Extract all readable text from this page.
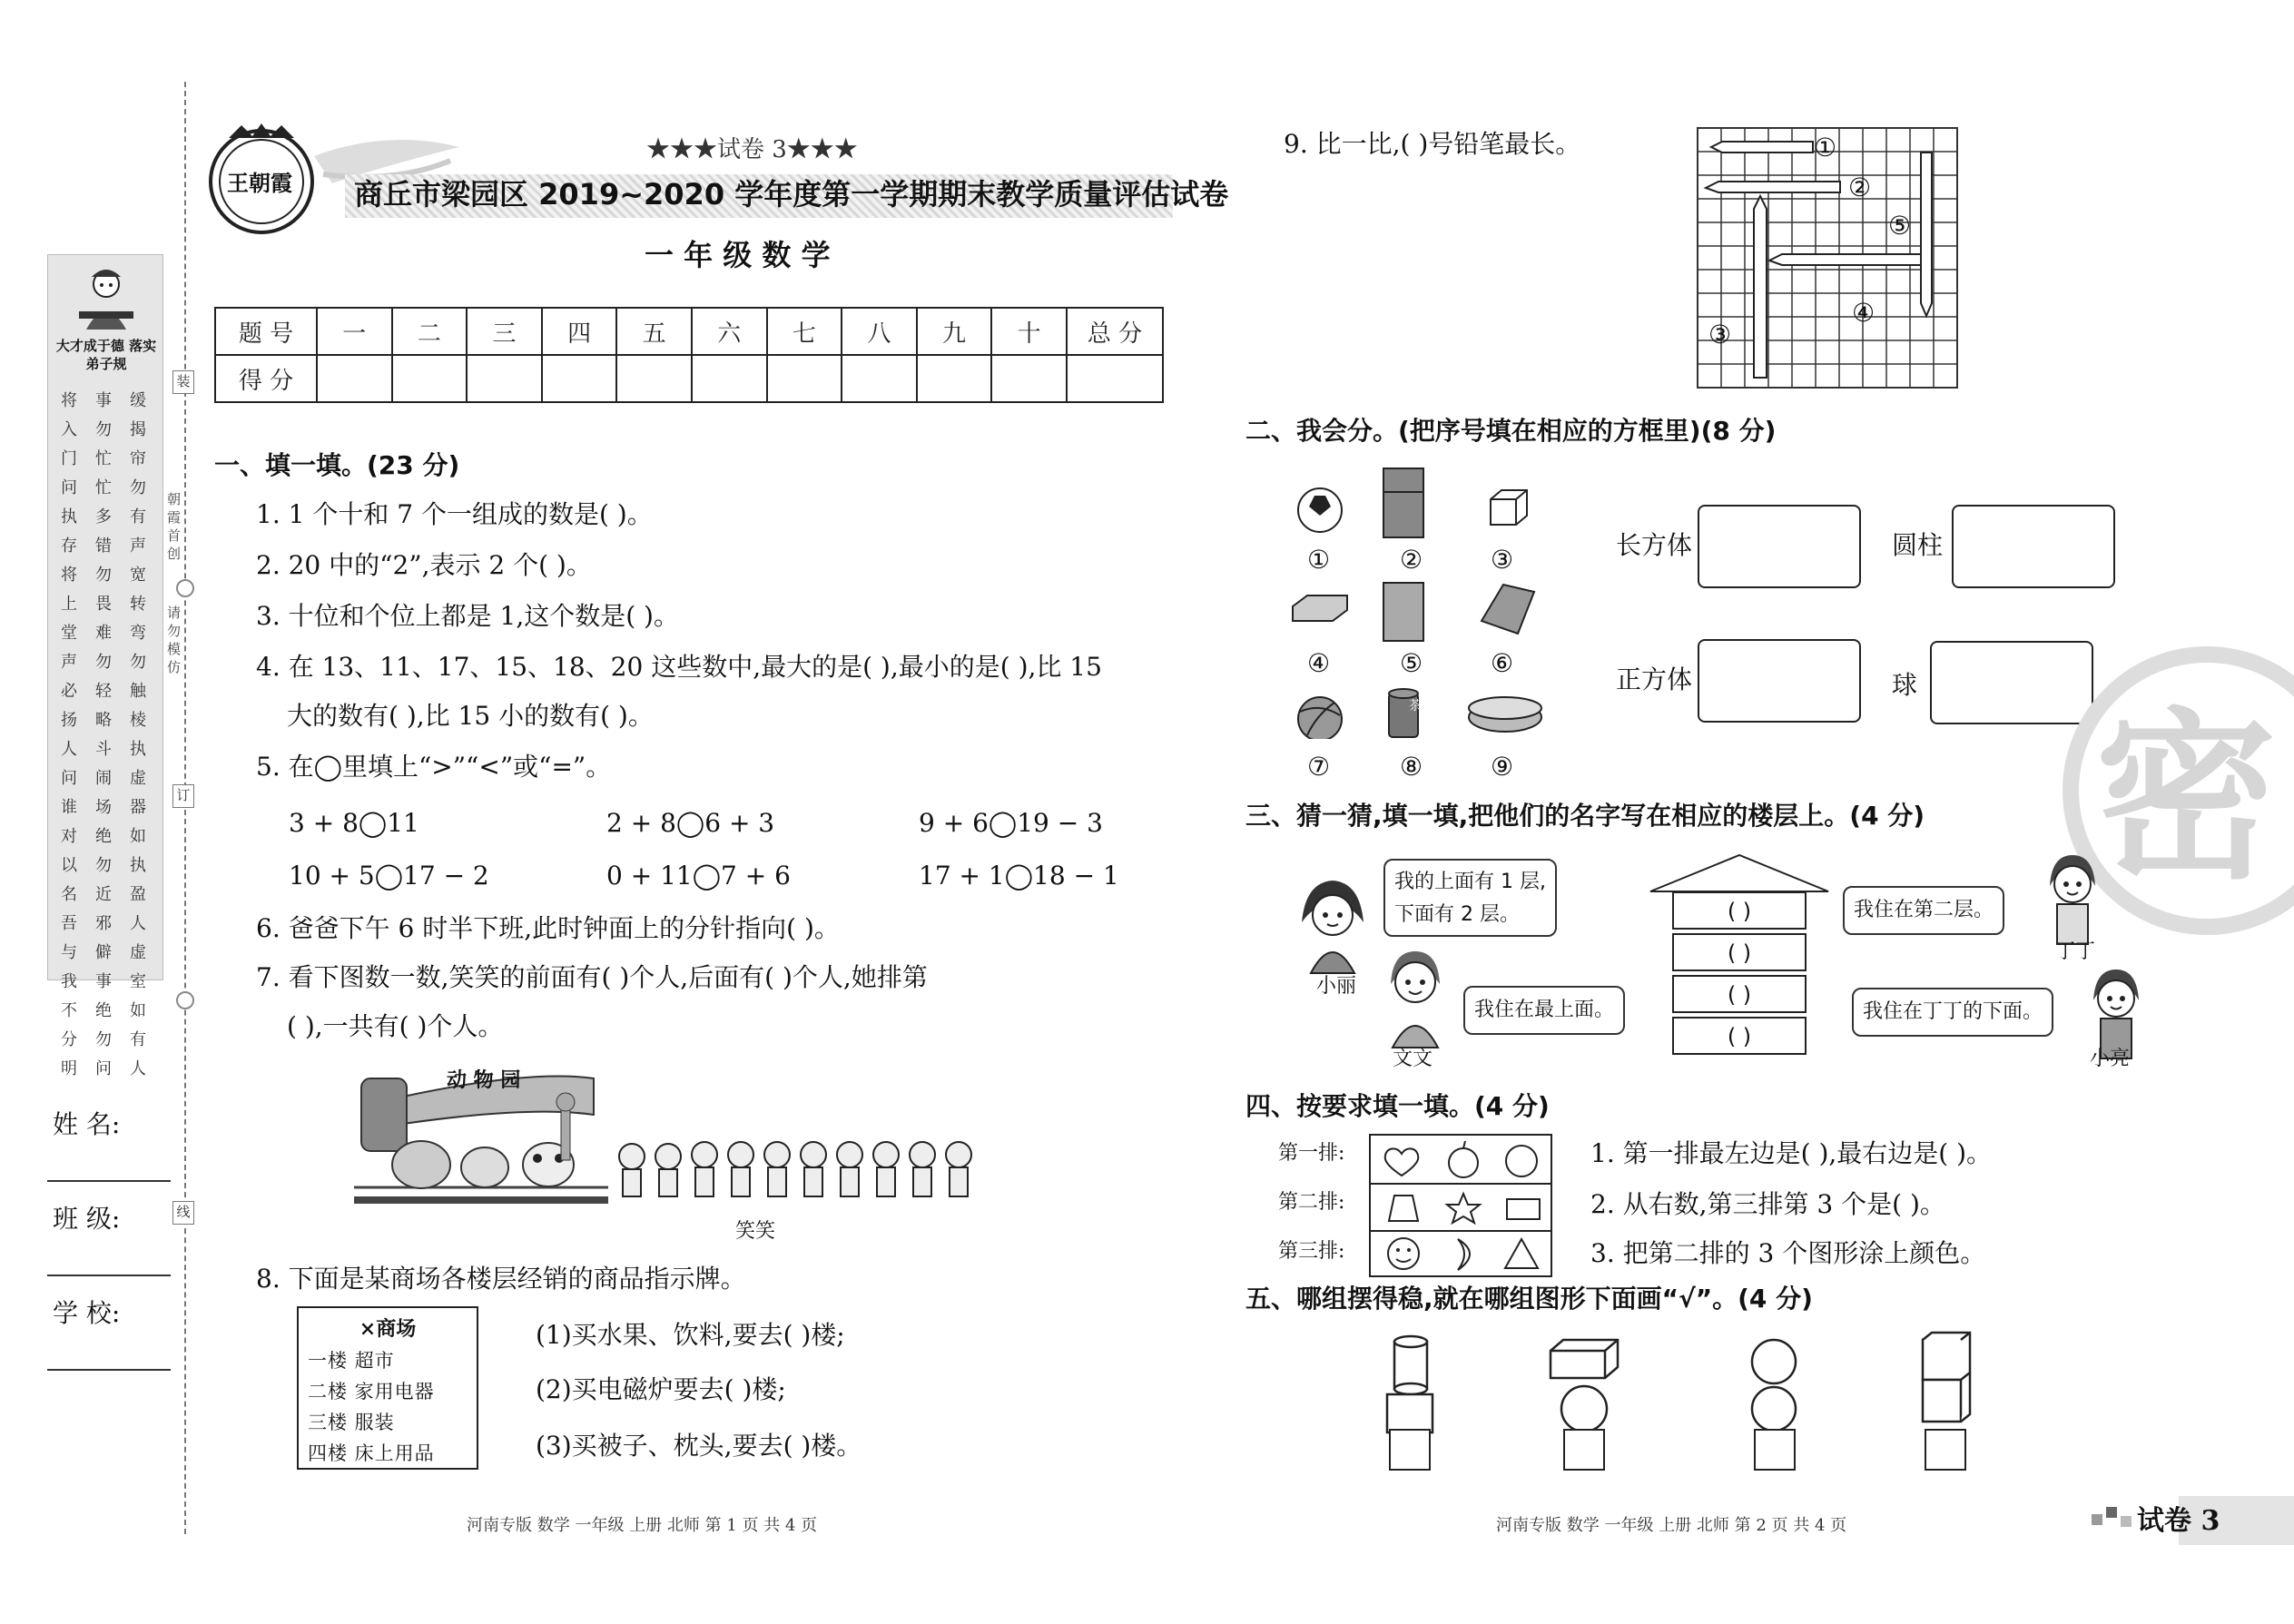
装
订
线
朝霞首创
请勿模仿
大才成于德 落实弟子规
将入门问执存将上堂声必扬人问谁对以名吾与我不分明
事勿忙忙多错勿畏难勿轻略斗闹场绝勿近邪僻事绝勿问
缓揭帘勿有声宽转弯勿触棱执虚器如执盈人虚室如有人
姓 名:
班 级:
学 校:
王朝霞
★★★试卷 3★★★
商丘市梁园区 2019~2020 学年度第一学期期末教学质量评估试卷
一 年 级 数 学
题 号	一	二	三	四	五	六	七	八	九	十	总 分
得 分											
一、填一填。(23 分)
1. 1 个十和 7 个一组成的数是( )。
2. 20 中的“2”,表示 2 个( )。
3. 十位和个位上都是 1,这个数是( )。
4. 在 13、11、17、15、18、20 这些数中,最大的是( ),最小的是( ),比 15
大的数有( ),比 15 小的数有( )。
5. 在◯里填上“>”“<”或“=”。
3 + 8◯11	2 + 8◯6 + 3	9 + 6◯19 − 3
10 + 5◯17 − 2	0 + 11◯7 + 6	17 + 1◯18 − 1
6. 爸爸下午 6 时半下班,此时钟面上的分针指向( )。
7. 看下图数一数,笑笑的前面有( )个人,后面有( )个人,她排第
( ),一共有( )个人。
动 物 园
笑笑
8. 下面是某商场各楼层经销的商品指示牌。
×商场
一楼 超市
二楼 家用电器
三楼 服装
四楼 床上用品
(1)买水果、饮料,要去( )楼;
(2)买电磁炉要去( )楼;
(3)买被子、枕头,要去( )楼。
河南专版 数学 一年级 上册 北师 第 1 页 共 4 页
9. 比一比,( )号铅笔最长。	①
②
③
④
⑤
二、我会分。(把序号填在相应的方框里)(8 分)
茶
①	②	③
④	⑤	⑥
⑦	⑧	⑨
长方体	圆柱
正方体	球
密
三、猜一猜,填一填,把他们的名字写在相应的楼层上。(4 分)
小丽
我的上面有 1 层,
下面有 2 层。
文文
我住在最上面。
( )
( )
( )
( )
我住在第二层。
丁丁
我住在丁丁的下面。
小亮
四、按要求填一填。(4 分)
第一排:
第二排:
第三排:
1. 第一排最左边是( ),最右边是( )。
2. 从右数,第三排第 3 个是( )。
3. 把第二排的 3 个图形涂上颜色。
五、哪组摆得稳,就在哪组图形下面画“√”。(4 分)
河南专版 数学 一年级 上册 北师 第 2 页 共 4 页	试卷 3
